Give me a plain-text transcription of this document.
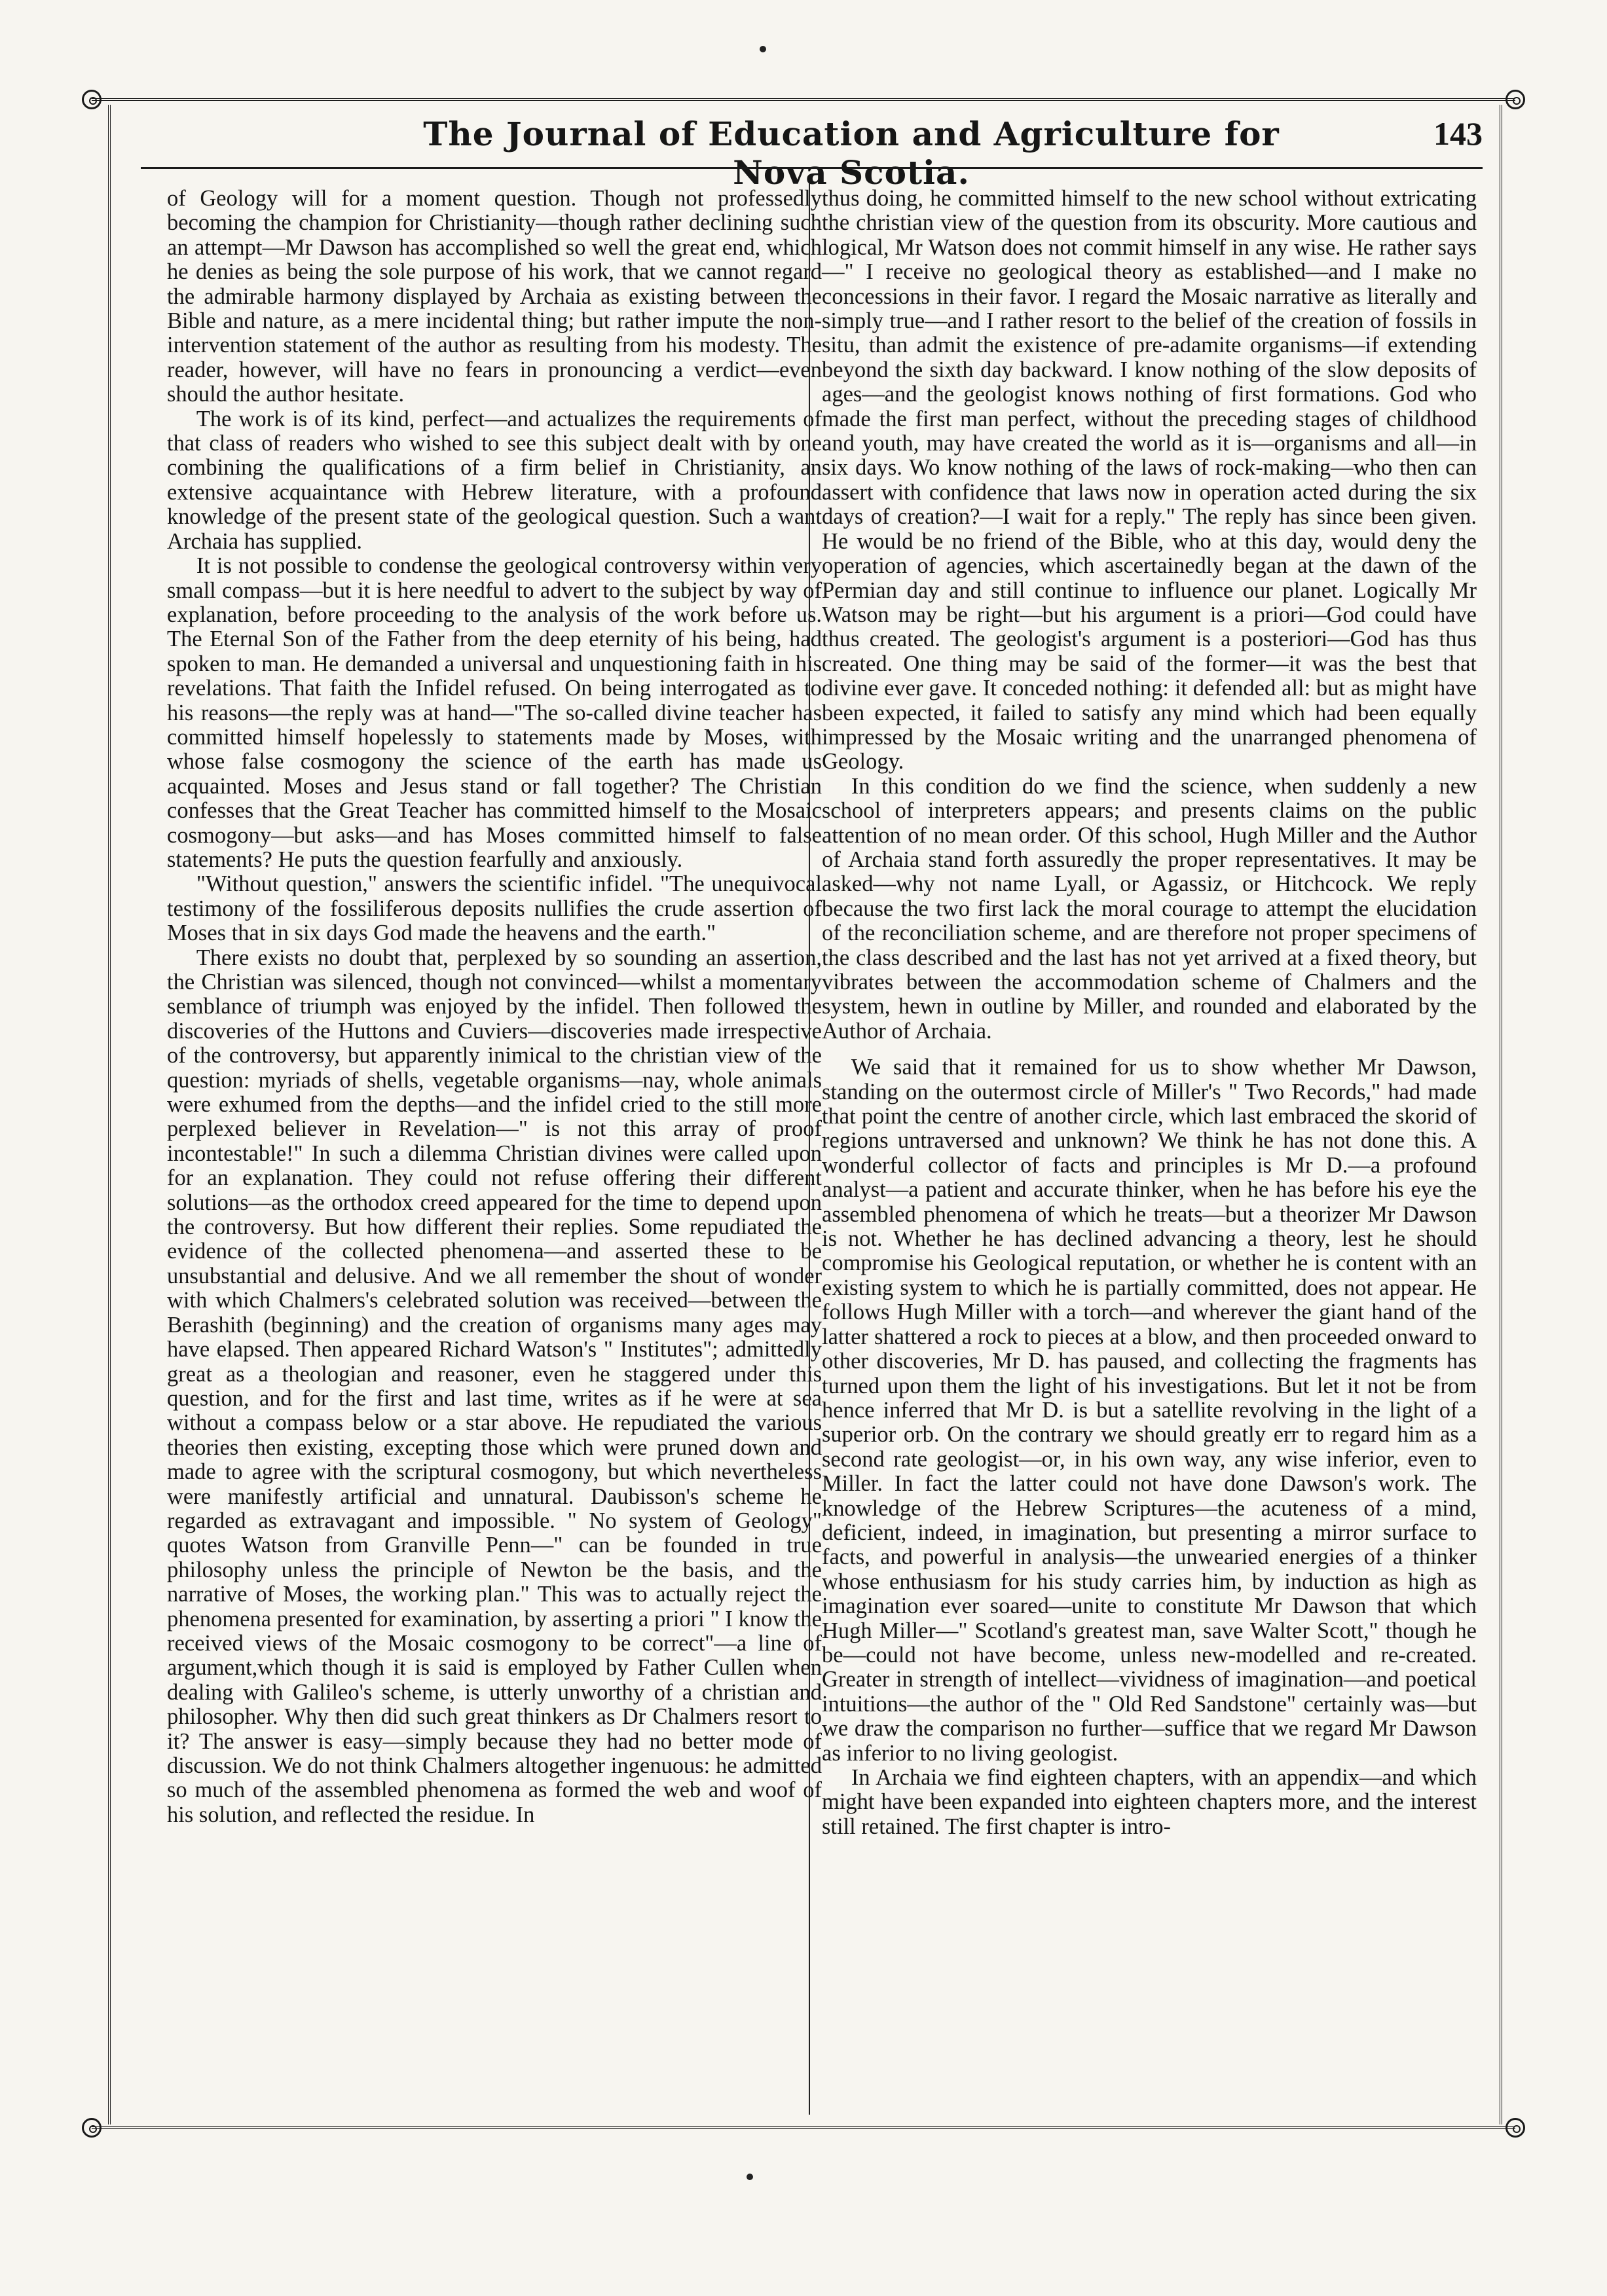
The Journal of Education and Agriculture for Nova Scotia.
143

of Geology will for a moment question. Though not professedly becoming the champion for Christianity—though rather declining such an attempt—Mr Dawson has accomplished so well the great end, which he denies as being the sole purpose of his work, that we cannot regard the admirable harmony displayed by Archaia as existing between the Bible and nature, as a mere incidental thing; but rather impute the non-intervention statement of the author as resulting from his modesty. The reader, however, will have no fears in pronouncing a verdict—even should the author hesitate.

The work is of its kind, perfect—and actualizes the requirements of that class of readers who wished to see this subject dealt with by one combining the qualifications of a firm belief in Christianity, an extensive acquaintance with Hebrew literature, with a profound knowledge of the present state of the geological question. Such a want Archaia has supplied.

It is not possible to condense the geological controversy within very small compass—but it is here needful to advert to the subject by way of explanation, before proceeding to the analysis of the work before us. The Eternal Son of the Father from the deep eternity of his being, had spoken to man. He demanded a universal and unquestioning faith in his revelations. That faith the Infidel refused. On being interrogated as to his reasons—the reply was at hand—"The so-called divine teacher has committed himself hopelessly to statements made by Moses, with whose false cosmogony the science of the earth has made us acquainted. Moses and Jesus stand or fall together? The Christian confesses that the Great Teacher has committed himself to the Mosaic cosmogony—but asks—and has Moses committed himself to false statements? He puts the question fearfully and anxiously.

"Without question," answers the scientific infidel. "The unequivocal testimony of the fossiliferous deposits nullifies the crude assertion of Moses that in six days God made the heavens and the earth."

There exists no doubt that, perplexed by so sounding an assertion, the Christian was silenced, though not convinced—whilst a momentary semblance of triumph was enjoyed by the infidel. Then followed the discoveries of the Huttons and Cuviers—discoveries made irrespective of the controversy, but apparently inimical to the christian view of the question: myriads of shells, vegetable organisms—nay, whole animals were exhumed from the depths—and the infidel cried to the still more perplexed believer in Revelation—" is not this array of proof incontestable!" In such a dilemma Christian divines were called upon for an explanation. They could not refuse offering their different solutions—as the orthodox creed appeared for the time to depend upon the controversy. But how different their replies. Some repudiated the evidence of the collected phenomena—and asserted these to be unsubstantial and delusive. And we all remember the shout of wonder with which Chalmers's celebrated solution was received—between the Berashith (beginning) and the creation of organisms many ages may have elapsed. Then appeared Richard Watson's " Institutes"; admittedly great as a theologian and reasoner, even he staggered under this question, and for the first and last time, writes as if he were at sea without a compass below or a star above. He repudiated the various theories then existing, excepting those which were pruned down and made to agree with the scriptural cosmogony, but which nevertheless were manifestly artificial and unnatural. Daubisson's scheme he regarded as extravagant and impossible. " No system of Geology" quotes Watson from Granville Penn—" can be founded in true philosophy unless the principle of Newton be the basis, and the narrative of Moses, the working plan." This was to actually reject the phenomena presented for examination, by asserting a priori " I know the received views of the Mosaic cosmogony to be correct"—a line of argument,which though it is said is employed by Father Cullen when dealing with Galileo's scheme, is utterly unworthy of a christian and philosopher. Why then did such great thinkers as Dr Chalmers resort to it? The answer is easy—simply because they had no better mode of discussion. We do not think Chalmers altogether ingenuous: he admitted so much of the assembled phenomena as formed the web and woof of his solution, and reflected the residue. In

thus doing, he committed himself to the new school without extricating the christian view of the question from its obscurity. More cautious and logical, Mr Watson does not commit himself in any wise. He rather says—" I receive no geological theory as established—and I make no concessions in their favor. I regard the Mosaic narrative as literally and simply true—and I rather resort to the belief of the creation of fossils in situ, than admit the existence of pre-adamite organisms—if extending beyond the sixth day backward. I know nothing of the slow deposits of ages—and the geologist knows nothing of first formations. God who made the first man perfect, without the preceding stages of childhood and youth, may have created the world as it is—organisms and all—in six days. Wo know nothing of the laws of rock-making—who then can assert with confidence that laws now in operation acted during the six days of creation?—I wait for a reply." The reply has since been given. He would be no friend of the Bible, who at this day, would deny the operation of agencies, which ascertainedly began at the dawn of the Permian day and still continue to influence our planet. Logically Mr Watson may be right—but his argument is a priori—God could have thus created. The geologist's argument is a posteriori—God has thus created. One thing may be said of the former—it was the best that divine ever gave. It conceded nothing: it defended all: but as might have been expected, it failed to satisfy any mind which had been equally impressed by the Mosaic writing and the unarranged phenomena of Geology.

In this condition do we find the science, when suddenly a new school of interpreters appears; and presents claims on the public attention of no mean order. Of this school, Hugh Miller and the Author of Archaia stand forth assuredly the proper representatives. It may be asked—why not name Lyall, or Agassiz, or Hitchcock. We reply because the two first lack the moral courage to attempt the elucidation of the reconciliation scheme, and are therefore not proper specimens of the class described and the last has not yet arrived at a fixed theory, but vibrates between the accommodation scheme of Chalmers and the system, hewn in outline by Miller, and rounded and elaborated by the Author of Archaia.

We said that it remained for us to show whether Mr Dawson, standing on the outermost circle of Miller's " Two Records," had made that point the centre of another circle, which last embraced the skorid of regions untraversed and unknown? We think he has not done this. A wonderful collector of facts and principles is Mr D.—a profound analyst—a patient and accurate thinker, when he has before his eye the assembled phenomena of which he treats—but a theorizer Mr Dawson is not. Whether he has declined advancing a theory, lest he should compromise his Geological reputation, or whether he is content with an existing system to which he is partially committed, does not appear. He follows Hugh Miller with a torch—and wherever the giant hand of the latter shattered a rock to pieces at a blow, and then proceeded onward to other discoveries, Mr D. has paused, and collecting the fragments has turned upon them the light of his investigations. But let it not be from hence inferred that Mr D. is but a satellite revolving in the light of a superior orb. On the contrary we should greatly err to regard him as a second rate geologist—or, in his own way, any wise inferior, even to Miller. In fact the latter could not have done Dawson's work. The knowledge of the Hebrew Scriptures—the acuteness of a mind, deficient, indeed, in imagination, but presenting a mirror surface to facts, and powerful in analysis—the unwearied energies of a thinker whose enthusiasm for his study carries him, by induction as high as imagination ever soared—unite to constitute Mr Dawson that which Hugh Miller—" Scotland's greatest man, save Walter Scott," though he be—could not have become, unless new-modelled and re-created. Greater in strength of intellect—vividness of imagination—and poetical intuitions—the author of the " Old Red Sandstone" certainly was—but we draw the comparison no further—suffice that we regard Mr Dawson as inferior to no living geologist.

In Archaia we find eighteen chapters, with an appendix—and which might have been expanded into eighteen chapters more, and the interest still retained. The first chapter is intro-
